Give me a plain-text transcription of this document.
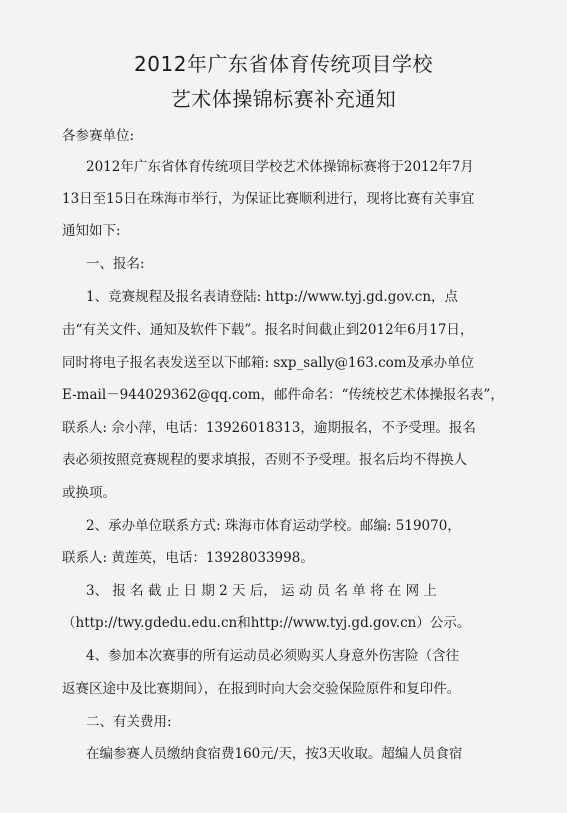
2012年广东省体育传统项目学校
艺术体操锦标赛补充通知
各参赛单位:
2012年广东省体育传统项目学校艺术体操锦标赛将于2012年7月
13日至15日在珠海市举行，为保证比赛顺利进行，现将比赛有关事宜
通知如下:
一、报名:
1、竞赛规程及报名表请登陆: http://www.tyj.gd.gov.cn，点
击“有关文件、通知及软件下载”。报名时间截止到2012年6月17日，
同时将电子报名表发送至以下邮箱: sxp_sally@163.com及承办单位
E-mail－944029362@qq.com，邮件命名：“传统校艺术体操报名表”，
联系人: 佘小萍，电话：13926018313，逾期报名，不予受理。报名
表必须按照竞赛规程的要求填报，否则不予受理。报名后均不得换人
或换项。
2、承办单位联系方式: 珠海市体育运动学校。邮编: 519070，
联系人: 黄莲英，电话：13928033998。
3、 报 名 截 止 日 期 2 天 后， 运 动 员 名 单 将 在 网 上
（http://twy.gdedu.edu.cn和http://www.tyj.gd.gov.cn）公示。
4、参加本次赛事的所有运动员必须购买人身意外伤害险（含往
返赛区途中及比赛期间），在报到时向大会交验保险原件和复印件。
二、有关费用:
在编参赛人员缴纳食宿费160元/天，按3天收取。超编人员食宿
